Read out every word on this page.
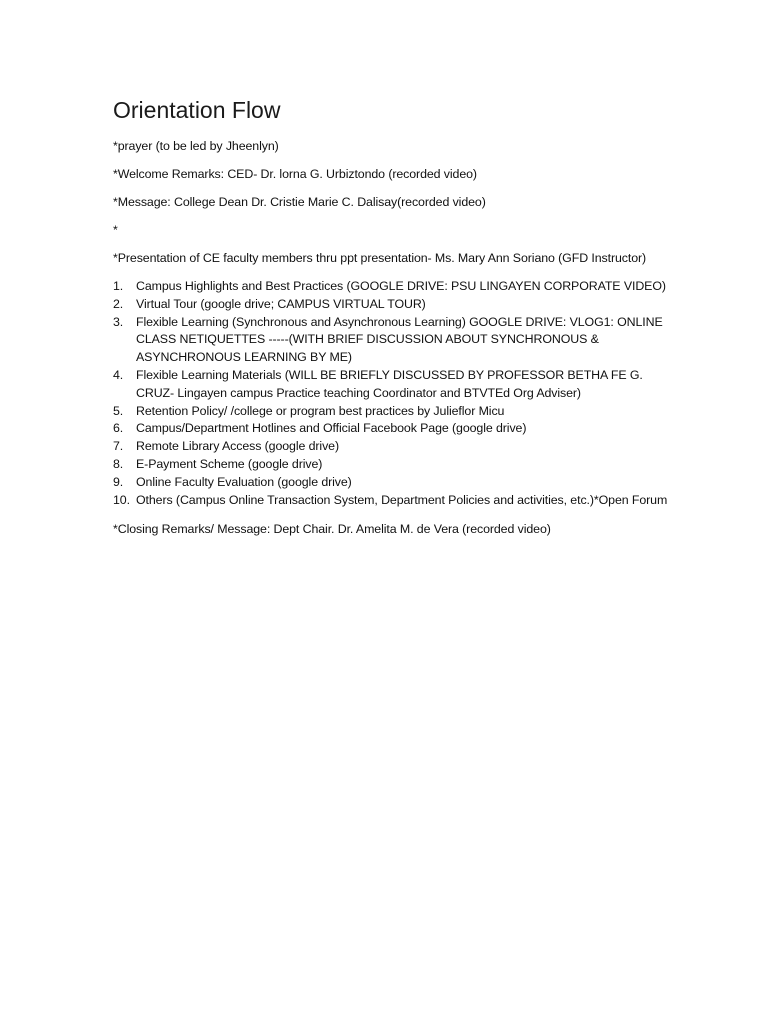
Orientation Flow

*prayer (to be led by Jheenlyn)

*Welcome Remarks: CED- Dr. lorna G. Urbiztondo (recorded video)

*Message: College Dean Dr. Cristie Marie C. Dalisay(recorded video)

*

*Presentation of CE faculty members thru ppt presentation- Ms. Mary Ann Soriano (GFD Instructor)

1.	Campus Highlights and Best Practices (GOOGLE DRIVE: PSU LINGAYEN CORPORATE VIDEO)
2.	Virtual Tour (google drive; CAMPUS VIRTUAL TOUR)
3.	Flexible Learning (Synchronous and Asynchronous Learning) GOOGLE DRIVE: VLOG1: ONLINE CLASS NETIQUETTES -----(WITH BRIEF DISCUSSION ABOUT SYNCHRONOUS & ASYNCHRONOUS LEARNING BY ME)
4.	Flexible Learning Materials (WILL BE BRIEFLY DISCUSSED BY PROFESSOR BETHA FE G. CRUZ- Lingayen campus Practice teaching Coordinator and BTVTEd Org Adviser)
5.	Retention Policy/ /college or program best practices by Julieflor Micu
6.	Campus/Department Hotlines and Official Facebook Page (google drive)
7.	Remote Library Access (google drive)
8.	E-Payment Scheme (google drive)
9.	Online Faculty Evaluation (google drive)
10. Others (Campus Online Transaction System, Department Policies and activities, etc.)*Open Forum

*Closing Remarks/ Message: Dept Chair. Dr. Amelita M. de Vera (recorded video)
